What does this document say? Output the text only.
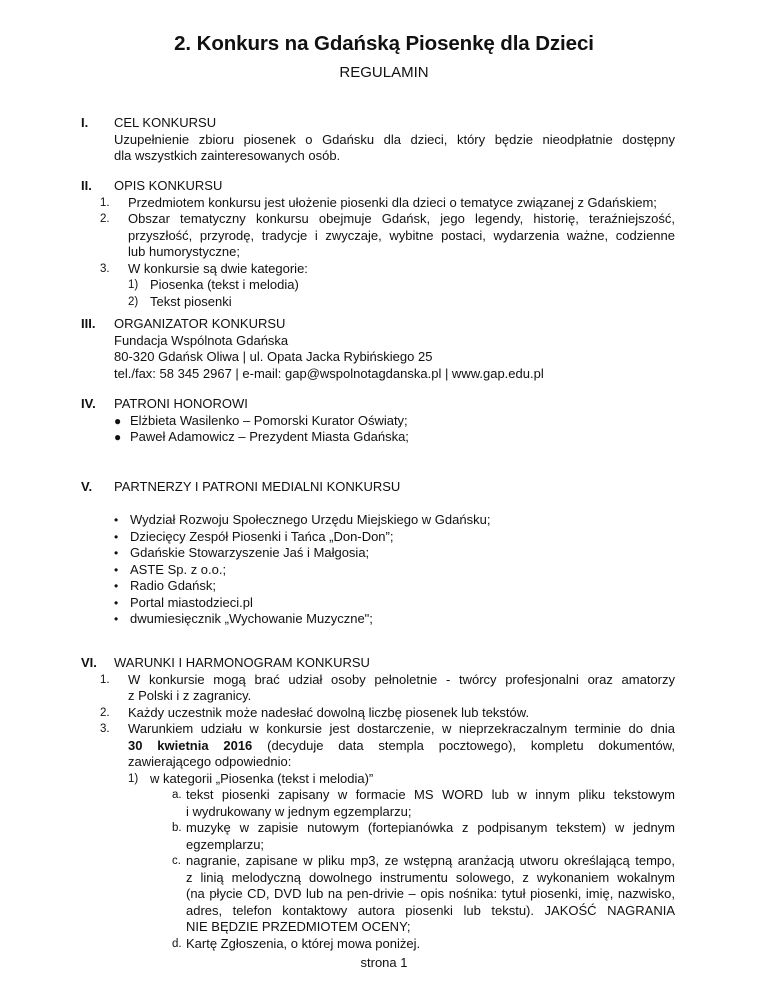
2. Konkurs na Gdańską Piosenkę dla Dzieci
REGULAMIN
I. CEL KONKURSU
Uzupełnienie zbioru piosenek o Gdańsku dla dzieci, który będzie nieodpłatnie dostępny
dla wszystkich zainteresowanych osób.
II. OPIS KONKURSU
1. Przedmiotem konkursu jest ułożenie piosenki dla dzieci o tematyce związanej z Gdańskiem;
2. Obszar tematyczny konkursu obejmuje Gdańsk, jego legendy, historię, teraźniejszość,
przyszłość, przyrodę, tradycje i zwyczaje, wybitne postaci, wydarzenia ważne, codzienne
lub humorystyczne;
3. W konkursie są dwie kategorie:
1) Piosenka (tekst i melodia)
2) Tekst piosenki
III. ORGANIZATOR KONKURSU
Fundacja Wspólnota Gdańska
80-320 Gdańsk Oliwa | ul. Opata Jacka Rybińskiego 25
tel./fax: 58 345 2967 | e-mail: gap@wspolnotagdanska.pl | www.gap.edu.pl
IV. PATRONI HONOROWI
● Elżbieta Wasilenko – Pomorski Kurator Oświaty;
● Paweł Adamowicz – Prezydent Miasta Gdańska;
V. PARTNERZY I PATRONI MEDIALNI KONKURSU
• Wydział Rozwoju Społecznego Urzędu Miejskiego w Gdańsku;
• Dziecięcy Zespół Piosenki i Tańca „Don-Don”;
• Gdańskie Stowarzyszenie Jaś i Małgosia;
• ASTE Sp. z o.o.;
• Radio Gdańsk;
• Portal miastodzieci.pl
• dwumiesięcznik „Wychowanie Muzyczne";
VI. WARUNKI I HARMONOGRAM KONKURSU
1. W konkursie mogą brać udział osoby pełnoletnie - twórcy profesjonalni oraz amatorzy
z Polski i z zagranicy.
2. Każdy uczestnik może nadesłać dowolną liczbę piosenek lub tekstów.
3. Warunkiem udziału w konkursie jest dostarczenie, w nieprzekraczalnym terminie do dnia
30 kwietnia 2016 (decyduje data stempla pocztowego), kompletu dokumentów,
zawierającego odpowiednio:
1) w kategorii „Piosenka (tekst i melodia)”
a. tekst piosenki zapisany w formacie MS WORD lub w innym pliku tekstowym
i wydrukowany w jednym egzemplarzu;
b. muzykę w zapisie nutowym (fortepianówka z podpisanym tekstem) w jednym
egzemplarzu;
c. nagranie, zapisane w pliku mp3, ze wstępną aranżacją utworu określającą tempo,
z linią melodyczną dowolnego instrumentu solowego, z wykonaniem wokalnym
(na płycie CD, DVD lub na pen-drivie – opis nośnika: tytuł piosenki, imię, nazwisko,
adres, telefon kontaktowy autora piosenki lub tekstu). JAKOŚĆ NAGRANIA
NIE BĘDZIE PRZEDMIOTEM OCENY;
d. Kartę Zgłoszenia, o której mowa poniżej.
strona 1
